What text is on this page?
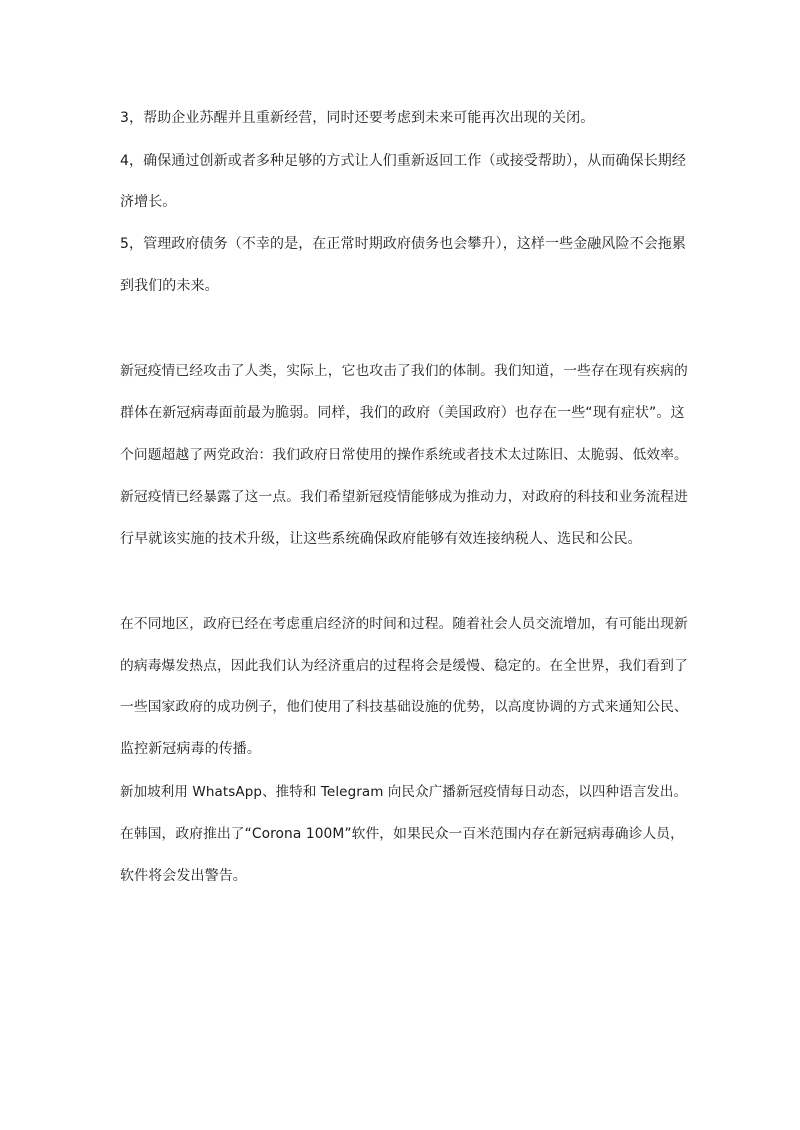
3，帮助企业苏醒并且重新经营，同时还要考虑到未来可能再次出现的关闭。
4，确保通过创新或者多种足够的方式让人们重新返回工作（或接受帮助），从而确保长期经
济增长。
5，管理政府债务（不幸的是，在正常时期政府债务也会攀升），这样一些金融风险不会拖累
到我们的未来。
新冠疫情已经攻击了人类，实际上，它也攻击了我们的体制。我们知道，一些存在现有疾病的
群体在新冠病毒面前最为脆弱。同样，我们的政府（美国政府）也存在一些“现有症状”。这
个问题超越了两党政治：我们政府日常使用的操作系统或者技术太过陈旧、太脆弱、低效率。
新冠疫情已经暴露了这一点。我们希望新冠疫情能够成为推动力，对政府的科技和业务流程进
行早就该实施的技术升级，让这些系统确保政府能够有效连接纳税人、选民和公民。
在不同地区，政府已经在考虑重启经济的时间和过程。随着社会人员交流增加，有可能出现新
的病毒爆发热点，因此我们认为经济重启的过程将会是缓慢、稳定的。在全世界，我们看到了
一些国家政府的成功例子，他们使用了科技基础设施的优势，以高度协调的方式来通知公民、
监控新冠病毒的传播。
新加坡利用 WhatsApp、推特和 Telegram 向民众广播新冠疫情每日动态，以四种语言发出。
在韩国，政府推出了“Corona 100M”软件，如果民众一百米范围内存在新冠病毒确诊人员，
软件将会发出警告。
